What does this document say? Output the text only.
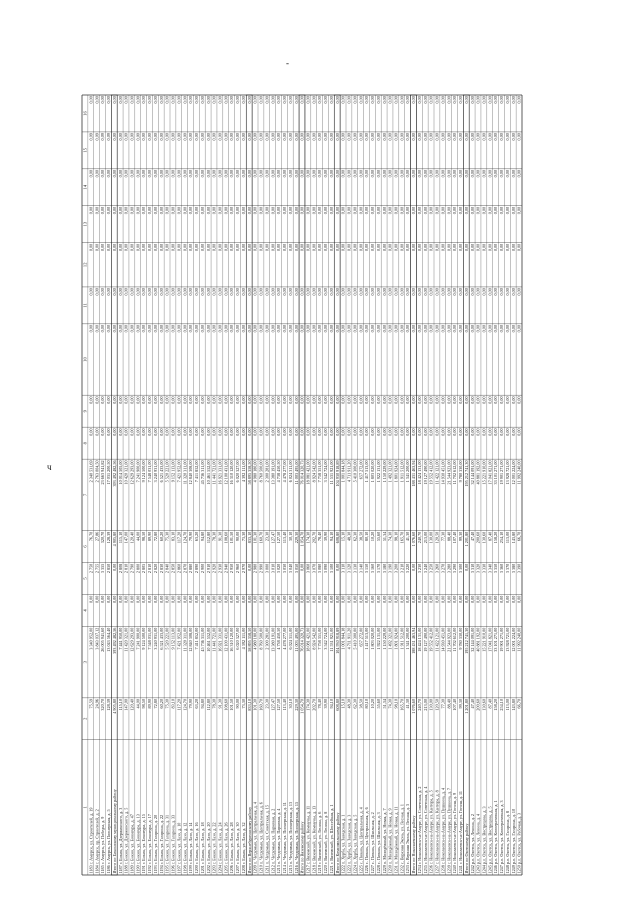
ч
-
1
2
3
4
5
6
7
8
9
10
11
12
13
14
15
16
1183 г. Амурск, ул. Строителей, д. 19
75,59
3 340 952,00
0,00
2 750
76,70
2 340 531,69
0,00
0,00
0,00
0,00
0,00
0,00
0,00
0,09
0,00
1184 г. Амурск, пр. Строителей, д. 2
24,96
3 843 037,12
0,00
2 755
27,86
2 763 004,50
0,00
0,00
0,00
0,00
0,00
0,00
0,00
0,09
0,00
1185 г. Амурск, ул. Победы, д. 9
320,70
26 005 941,60
0,00
3 355
320,70
23 663 941,82
0,00
0,00
0,00
0,00
0,00
0,00
0,00
0,09
0,00
1186 г. Амурск, ул. Пионерская, д. 5
128,39
13 043 564,40
0,00
2 850
128,39
17 031 200,50
0,00
0,00
0,00
0,00
0,00
0,00
0,00
0,09
0,00
Итого по Бикинскому муниципальному району
4 905,80
393 492 482,56
0,00
0,00
4 905,80
393 492 482,56
0,00
0,00
0,00
0,00
0,00
0,00
0,00
0,00
0,00
1187 г. Бикин, ул. Дзержинского, д. 3
115,10
7 441 950,00
0,00
2 808
115,10
10 014 505,00
0,00
0,00
0,00
0,00
0,00
0,00
0,00
0,00
0,00
1188 г. Бикин, ул. Дзержинского, д. 5
147,00
11 420 321,00
0,00
2 810
147,00
10 420 321,00
0,00
0,00
0,00
0,00
0,00
0,00
0,00
0,00
0,00
1189 г. Бикин, ул. Бонивура, д. 47
120,40
12 629 293,00
0,00
2 790
120,40
12 629 293,00
0,00
0,00
0,00
0,00
0,00
0,00
0,00
0,00
0,00
1190 г. Бикин, ул. Бонивура, д. 13
44,00
7 241 900,00
0,00
2 800
44,00
7 241 900,00
0,00
0,00
0,00
0,00
0,00
0,00
0,00
0,00
0,00
1191 г. Бикин, ул. Бонивура, д. 15
98,50
9 124 500,00
0,00
2 805
98,50
9 124 500,00
0,00
0,00
0,00
0,00
0,00
0,00
0,00
0,00
0,00
1192 г. Бикин, ул. Бонивура, д. 17
89,90
7 548 031,00
0,00
2 810
89,90
7 548 031,00
0,00
0,00
0,00
0,00
0,00
0,00
0,00
0,00
0,00
1193 г. Бикин, ул. Гагарина, д. 20
72,80
3 240 931,00
0,00
2 820
72,80
3 240 931,00
0,00
0,00
0,00
0,00
0,00
0,00
0,00
0,00
0,00
1194 г. Бикин, ул. Гагарина, д. 22
60,20
6 521 433,00
0,00
2 830
60,20
6 521 433,00
0,00
0,00
0,00
0,00
0,00
0,00
0,00
0,00
0,00
1195 г. Бикин, ул. Гагарина, д. 31
75,30
5 520 221,00
0,00
2 840
75,30
5 520 221,00
0,00
0,00
0,00
0,00
0,00
0,00
0,00
0,00
0,00
1196 г. Бикин, ул. Гагарина, д. 33
83,10
9 152 113,00
0,00
2 850
83,10
9 152 113,00
0,00
0,00
0,00
0,00
0,00
0,00
0,00
0,00
0,00
1197 г. Бикин, ул. Лазо, д. 10
117,20
7 421 952,00
0,00
2 860
117,20
7 421 952,00
0,00
0,00
0,00
0,00
0,00
0,00
0,00
0,00
0,00
1198 г. Бикин, ул. Лазо, д. 12
124,70
11 320 311,00
0,00
2 870
124,70
11 320 311,00
0,00
0,00
0,00
0,00
0,00
0,00
0,00
0,00
0,00
1199 г. Бикин, ул. Лазо, д. 14
79,90
12 840 308,00
0,00
2 880
79,90
12 840 308,00
0,00
0,00
0,00
0,00
0,00
0,00
0,00
0,00
0,00
1200 г. Бикин, ул. Лазо, д. 16
63,20
7 411 852,00
0,00
2 890
63,20
7 411 852,00
0,00
0,00
0,00
0,00
0,00
0,00
0,00
0,00
0,00
1201 г. Бикин, ул. Лазо, д. 18
94,80
45 736 311,00
0,00
2 900
94,80
45 736 311,00
0,00
0,00
0,00
0,00
0,00
0,00
0,00
0,00
0,00
1202 г. Бикин, ул. Лазо, д. 20
112,80
10 461 552,00
0,00
2 910
112,80
10 461 552,00
0,00
0,00
0,00
0,00
0,00
0,00
0,00
0,00
0,00
1203 г. Бикин, ул. Лазо, д. 22
78,30
11 441 721,00
0,00
2 920
78,30
11 441 721,00
0,00
0,00
0,00
0,00
0,00
0,00
0,00
0,00
0,00
1204 г. Бикин, ул. Лазо, д. 24
91,30
16 921 331,00
0,00
2 930
91,30
16 921 331,00
0,00
0,00
0,00
0,00
0,00
0,00
0,00
0,00
0,00
1205 г. Бикин, ул. Лазо, д. 26
108,60
12 100 431,00
0,00
2 940
108,60
12 100 431,00
0,00
0,00
0,00
0,00
0,00
0,00
0,00
0,00
0,00
1206 г. Бикин, ул. Лазо, д. 28
101,50
16 310 120,00
0,00
2 950
101,50
16 310 120,00
0,00
0,00
0,00
0,00
0,00
0,00
0,00
0,00
0,00
1207 г. Бикин, ул. Лазо, д. 30
90,00
6 020 327,00
0,00
2 960
90,00
6 020 327,00
0,00
0,00
0,00
0,00
0,00
0,00
0,00
0,00
0,00
1208 г. Бикин, ул. Лазо, д. 32
73,30
4 392 111,00
0,00
2 970
73,30
4 392 111,00
0,00
0,00
0,00
0,00
0,00
0,00
0,00
0,00
0,00
Итого по Верхнебуреинскому району
833,10
58 895 358,50
0,00
0,00
833,10
58 895 358,50
0,00
0,00
0,00
0,00
0,00
0,00
0,00
0,00
0,00
1209 п. Чегдомын, ул. Центральная, д. 4
101,30
4 980 180,00
0,00
2 980
101,30
4 980 180,00
0,00
0,00
0,00
0,00
0,00
0,00
0,00
0,00
0,00
1210 п. Чегдомын, ул. Центральная, д. 6
160,70
8 760 500,00
0,00
2 990
160,70
8 760 500,00
0,00
0,00
0,00
0,00
0,00
0,00
0,00
0,00
0,00
1211 п. Чегдомын, ул. Советская, д. 15
23,30
2 300 281,00
0,00
3 000
23,30
2 300 281,00
0,00
0,00
0,00
0,00
0,00
0,00
0,00
0,00
0,00
1212 п. Чегдомын, ул. Парковая, д. 2
127,47
13 380 191,00
0,00
3 010
127,47
13 380 191,00
0,00
0,00
0,00
0,00
0,00
0,00
0,00
0,00
0,00
1213 п. Чегдомын, ул. Парковая, д. 4
127,50
4 738 450,50
0,00
3 020
127,50
4 738 450,50
0,00
0,00
0,00
0,00
0,00
0,00
0,00
0,00
0,00
1214 п. Чегдомын, ул. Пионерская, д. 11
113,40
4 478 277,00
0,00
3 030
113,40
4 478 277,00
0,00
0,00
0,00
0,00
0,00
0,00
0,00
0,00
0,00
1215 п. Чегдомын, ул. Пионерская, д. 13
30,10
6 024 311,00
0,00
3 040
30,10
6 024 311,00
0,00
0,00
0,00
0,00
0,00
0,00
0,00
0,00
0,00
1216 п. Чегдомын, ул. Пионерская, д. 15
229,30
11 003 495,00
0,00
3 050
229,30
11 003 495,00
0,00
0,00
0,00
0,00
0,00
0,00
0,00
0,00
0,00
Итого по Вяземскому району
1 054,70
76 014 320,73
0,00
0,00
1 054,70
76 014 320,73
0,00
0,00
0,00
0,00
0,00
0,00
0,00
0,00
0,00
1217 г. Вяземский, ул. Коммуны, д. 11
174,30
18 081 421,00
0,00
3 060
174,30
18 081 421,00
0,00
0,00
0,00
0,00
0,00
0,00
0,00
0,00
0,00
1218 г. Вяземский, ул. Коммуны, д. 13
202,70
8 924 542,00
0,00
3 070
202,70
8 924 542,00
0,00
0,00
0,00
0,00
0,00
0,00
0,00
0,00
0,00
1219 г. Вяземский, ул. Ленина, д. 6
78,40
7 758 351,00
0,00
3 080
78,40
7 758 351,00
0,00
0,00
0,00
0,00
0,00
0,00
0,00
0,00
0,00
1220 г. Вяземский, ул. Ленина, д. 8
39,90
3 542 724,00
0,00
3 090
39,90
3 542 724,00
0,00
0,00
0,00
0,00
0,00
0,00
0,00
0,00
0,00
1221 г. Вяземский, ул. Шоссейная, д. 1
94,10
11 531 921,00
0,00
3 100
94,10
11 531 921,00
0,00
0,00
0,00
0,00
0,00
0,00
0,00
0,00
0,00
Итого по Комсомольскому району
608,80
104 930 918,89
0,00
0,00
608,80
104 930 918,89
0,00
0,00
0,00
0,00
0,00
0,00
0,00
0,00
0,00
1222 п. Хурба, ул. Заводская, д. 1
15,10
1 001 844,18
0,00
3 110
15,10
1 001 844,18
0,00
0,00
0,00
0,00
0,00
0,00
0,00
0,00
0,00
1223 п. Хурба, ул. Заводская, д. 3
48,30
4 711 911,20
0,00
3 120
48,30
4 711 911,20
0,00
0,00
0,00
0,00
0,00
0,00
0,00
0,00
0,00
1224 п. Хурба, ул. Заводская, д. 5
62,30
5 410 300,00
0,00
3 130
62,30
5 410 300,00
0,00
0,00
0,00
0,00
0,00
0,00
0,00
0,00
0,00
1225 с. Пивань, ул. Центральная, д. 4
38,50
657 272,00
0,00
3 140
38,50
657 272,00
0,00
0,00
0,00
0,00
0,00
0,00
0,00
0,00
0,00
1226 с. Пивань, ул. Центральная, д. 6
80,10
1 417 513,00
0,00
3 150
80,10
1 417 513,00
0,00
0,00
0,00
0,00
0,00
0,00
0,00
0,00
0,00
1227 с. Пивань, ул. Школьная, д. 2
10,20
1 803 020,00
0,00
3 160
10,20
1 803 020,00
0,00
0,00
0,00
0,00
0,00
0,00
0,00
0,00
0,00
1228 с. Пивань, ул. Школьная, д. 3
55,60
1 922 131,00
0,00
3 170
55,60
1 922 131,00
0,00
0,00
0,00
0,00
0,00
0,00
0,00
0,00
0,00
1229 п. Молодёжный, ул. Новая, д. 7
51,34
1 150 229,00
0,00
3 180
51,34
1 150 229,00
0,00
0,00
0,00
0,00
0,00
0,00
0,00
0,00
0,00
1230 п. Молодёжный, ул. Новая, д. 9
74,30
1 492 321,00
0,00
3 190
74,30
1 492 321,00
0,00
0,00
0,00
0,00
0,00
0,00
0,00
0,00
0,00
1231 п. Молодёжный, ул. Новая, д. 11
98,10
1 801 924,00
0,00
3 200
98,10
1 801 924,00
0,00
0,00
0,00
0,00
0,00
0,00
0,00
0,00
0,00
1232 с. Верхняя Эконь, ул. Лесная, д. 1
165,70
1 911 512,00
0,00
3 210
165,70
1 911 512,00
0,00
0,00
0,00
0,00
0,00
0,00
0,00
0,00
0,00
1233 с. Верхняя Эконь, ул. Лесная, д. 3
41,30
1 341 200,00
0,00
3 220
41,30
1 341 200,00
0,00
0,00
0,00
0,00
0,00
0,00
0,00
0,00
0,00
Итого по Николаевскому району
1 076,60
188 431 463,94
0,00
0,00
1 076,60
188 431 463,94
0,00
0,00
0,00
0,00
0,00
0,00
0,00
0,00
0,00
1234 г. Николаевск-на-Амуре, ул. Советская, д. 2
240,70
18 424 131,00
0,00
3 230
240,70
18 424 131,00
0,00
0,00
0,00
0,00
0,00
0,00
0,00
0,00
0,00
1235 г. Николаевск-на-Амуре, ул. Советская, д. 4
213,00
19 127 490,00
0,00
3 240
213,00
19 127 490,00
0,00
0,00
0,00
0,00
0,00
0,00
0,00
0,00
0,00
1236 г. Николаевск-на-Амуре, ул. Кантера, д. 5
130,00
19 552 412,00
0,00
3 250
130,00
19 552 412,00
0,00
0,00
0,00
0,00
0,00
0,00
0,00
0,00
0,00
1237 г. Николаевск-на-Амуре, ул. Кантера, д. 8
120,50
11 422 121,00
0,00
3 260
120,50
11 422 121,00
0,00
0,00
0,00
0,00
0,00
0,00
0,00
0,00
0,00
1238 г. Николаевск-на-Амуре, ул. Пушкина, д. 4
77,30
14 930 451,00
0,00
3 270
77,30
14 930 451,00
0,00
0,00
0,00
0,00
0,00
0,00
0,00
0,00
0,00
1239 г. Николаевск-на-Амуре, ул. Пушкина, д. 7
88,40
21 544 923,00
0,00
3 280
88,40
21 544 923,00
0,00
0,00
0,00
0,00
0,00
0,00
0,00
0,00
0,00
1240 г. Николаевск-на-Амуре, ул. Гоголя, д. 9
107,40
11 702 612,00
0,00
3 290
107,40
11 702 612,00
0,00
0,00
0,00
0,00
0,00
0,00
0,00
0,00
0,00
1241 г. Николаевск-на-Амуре, ул. Гоголя, д. 11
99,30
9 780 330,00
0,00
3 300
99,30
9 780 330,00
0,00
0,00
0,00
0,00
0,00
0,00
0,00
0,00
0,00
Итого по Охотскому району
1 201,80
195 212 741,30
0,00
0,00
1 201,80
195 212 741,30
0,00
0,00
0,00
0,00
0,00
0,00
0,00
0,00
0,00
1242 р.п. Охотск, ул. Ленина, д. 2
47,40
32 144 091,00
0,00
3 310
47,40
32 144 091,00
0,00
0,00
0,00
0,00
0,00
0,00
0,00
0,00
0,00
1243 р.п. Охотск, ул. Ленина, д. 4
200,60
40 881 192,00
0,00
3 320
200,60
40 881 192,00
0,00
0,00
0,00
0,00
0,00
0,00
0,00
0,00
0,00
1244 р.п. Охотск, ул. Вострецова, д. 3
130,60
15 221 910,00
0,00
3 330
130,60
15 221 910,00
0,00
0,00
0,00
0,00
0,00
0,00
0,00
0,00
0,00
1245 р.п. Охотск, ул. Вострецова, д. 5
87,40
17 041 821,00
0,00
3 340
87,40
17 041 821,00
0,00
0,00
0,00
0,00
0,00
0,00
0,00
0,00
0,00
1246 р.п. Охотск, ул. Кооперативная, д. 1
158,20
33 101 271,00
0,00
3 350
158,20
33 101 271,00
0,00
0,00
0,00
0,00
0,00
0,00
0,00
0,00
0,00
1247 р.п. Охотск, ул. Кооперативная, д. 3
254,10
19 901 271,00
0,00
3 360
254,10
19 901 271,00
0,00
0,00
0,00
0,00
0,00
0,00
0,00
0,00
0,00
1248 р.п. Охотск, ул. Гагарина, д. 8
113,00
13 928 721,00
0,00
3 370
113,00
13 928 721,00
0,00
0,00
0,00
0,00
0,00
0,00
0,00
0,00
0,00
1249 р.п. Охотск, ул. Гагарина, д. 10
143,80
12 001 224,00
0,00
3 380
143,80
12 001 224,00
0,00
0,00
0,00
0,00
0,00
0,00
0,00
0,00
0,00
1250 р.п. Охотск, ул. Рабочая, д. 3
66,70
11 992 240,00
0,00
3 390
66,70
11 992 240,00
0,00
0,00
0,00
0,00
0,00
0,00
0,00
0,00
0,00
